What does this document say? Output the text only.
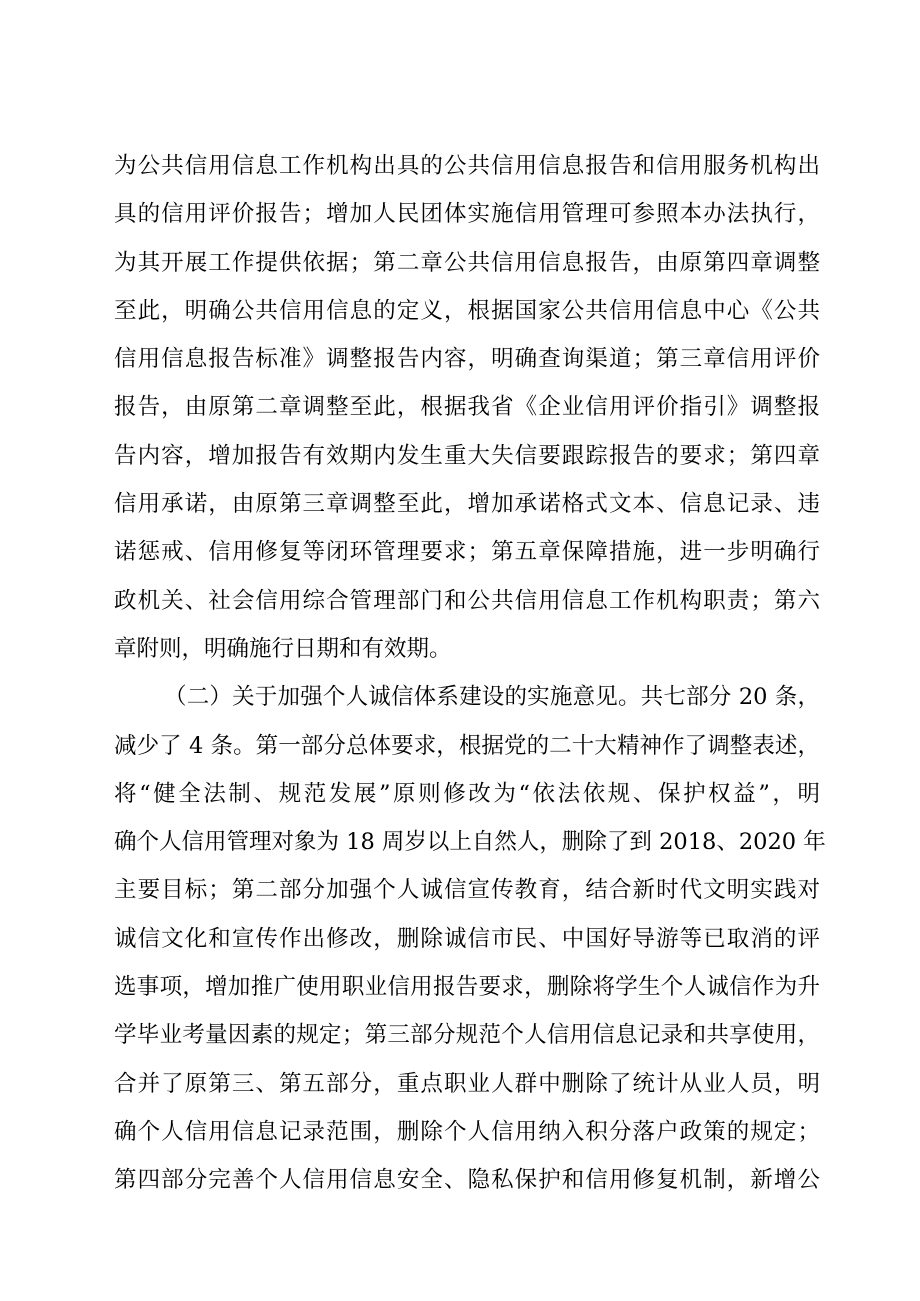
为公共信用信息工作机构出具的公共信用信息报告和信用服务机构出
具的信用评价报告；增加人民团体实施信用管理可参照本办法执行，
为其开展工作提供依据；第二章公共信用信息报告，由原第四章调整
至此，明确公共信用信息的定义，根据国家公共信用信息中心《公共
信用信息报告标准》调整报告内容，明确查询渠道；第三章信用评价
报告，由原第二章调整至此，根据我省《企业信用评价指引》调整报
告内容，增加报告有效期内发生重大失信要跟踪报告的要求；第四章
信用承诺，由原第三章调整至此，增加承诺格式文本、信息记录、违
诺惩戒、信用修复等闭环管理要求；第五章保障措施，进一步明确行
政机关、社会信用综合管理部门和公共信用信息工作机构职责；第六
章附则，明确施行日期和有效期。
（二）关于加强个人诚信体系建设的实施意见。共七部分 20 条，
减少了 4 条。第一部分总体要求，根据党的二十大精神作了调整表述，
将“健全法制、规范发展”原则修改为“依法依规、保护权益”，明
确个人信用管理对象为 18 周岁以上自然人，删除了到 2018、2020 年
主要目标；第二部分加强个人诚信宣传教育，结合新时代文明实践对
诚信文化和宣传作出修改，删除诚信市民、中国好导游等已取消的评
选事项，增加推广使用职业信用报告要求，删除将学生个人诚信作为升
学毕业考量因素的规定；第三部分规范个人信用信息记录和共享使用，
合并了原第三、第五部分，重点职业人群中删除了统计从业人员，明
确个人信用信息记录范围，删除个人信用纳入积分落户政策的规定；
第四部分完善个人信用信息安全、隐私保护和信用修复机制，新增公
